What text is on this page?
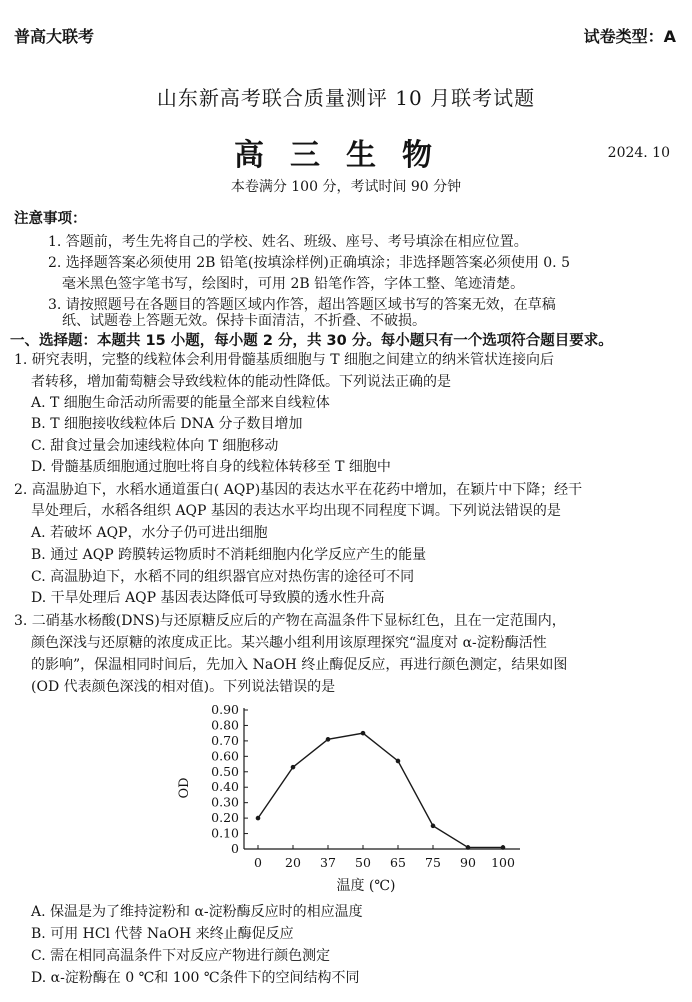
普高大联考	试卷类型：A
山东新高考联合质量测评 10 月联考试题
高三生物	2024. 10
本卷满分 100 分，考试时间 90 分钟
注意事项：
1. 答题前，考生先将自己的学校、姓名、班级、座号、考号填涂在相应位置。
2. 选择题答案必须使用 2B 铅笔(按填涂样例)正确填涂；非选择题答案必须使用 0. 5
毫米黑色签字笔书写，绘图时，可用 2B 铅笔作答，字体工整、笔迹清楚。
3. 请按照题号在各题目的答题区域内作答，超出答题区域书写的答案无效，在草稿
纸、试题卷上答题无效。保持卡面清洁，不折叠、不破损。
一、选择题：本题共 15 小题，每小题 2 分，共 30 分。每小题只有一个选项符合题目要求。
1. 研究表明，完整的线粒体会利用骨髓基质细胞与 T 细胞之间建立的纳米管状连接向后
者转移，增加葡萄糖会导致线粒体的能动性降低。下列说法正确的是
A. T 细胞生命活动所需要的能量全部来自线粒体
B. T 细胞接收线粒体后 DNA 分子数目增加
C. 甜食过量会加速线粒体向 T 细胞移动
D. 骨髓基质细胞通过胞吐将自身的线粒体转移至 T 细胞中
2. 高温胁迫下，水稻水通道蛋白( AQP)基因的表达水平在花药中增加，在颖片中下降；经干
旱处理后，水稻各组织 AQP 基因的表达水平均出现不同程度下调。下列说法错误的是
A. 若破坏 AQP，水分子仍可进出细胞
B. 通过 AQP 跨膜转运物质时不消耗细胞内化学反应产生的能量
C. 高温胁迫下，水稻不同的组织器官应对热伤害的途径可不同
D. 干旱处理后 AQP 基因表达降低可导致膜的透水性升高
3. 二硝基水杨酸(DNS)与还原糖反应后的产物在高温条件下显标红色，且在一定范围内，
颜色深浅与还原糖的浓度成正比。某兴趣小组利用该原理探究“温度对 α-淀粉酶活性
的影响”，保温相同时间后，先加入 NaOH 终止酶促反应，再进行颜色测定，结果如图
(OD 代表颜色深浅的相对值)。下列说法错误的是
0
0.10
0.20
0.30
0.40
0.50
0.60
0.70
0.80
0.90
0 20 37 50 65 75 90 100
OD
温度 (℃)
A. 保温是为了维持淀粉和 α-淀粉酶反应时的相应温度
B. 可用 HCl 代替 NaOH 来终止酶促反应
C. 需在相同高温条件下对反应产物进行颜色测定
D. α-淀粉酶在 0 ℃和 100 ℃条件下的空间结构不同
